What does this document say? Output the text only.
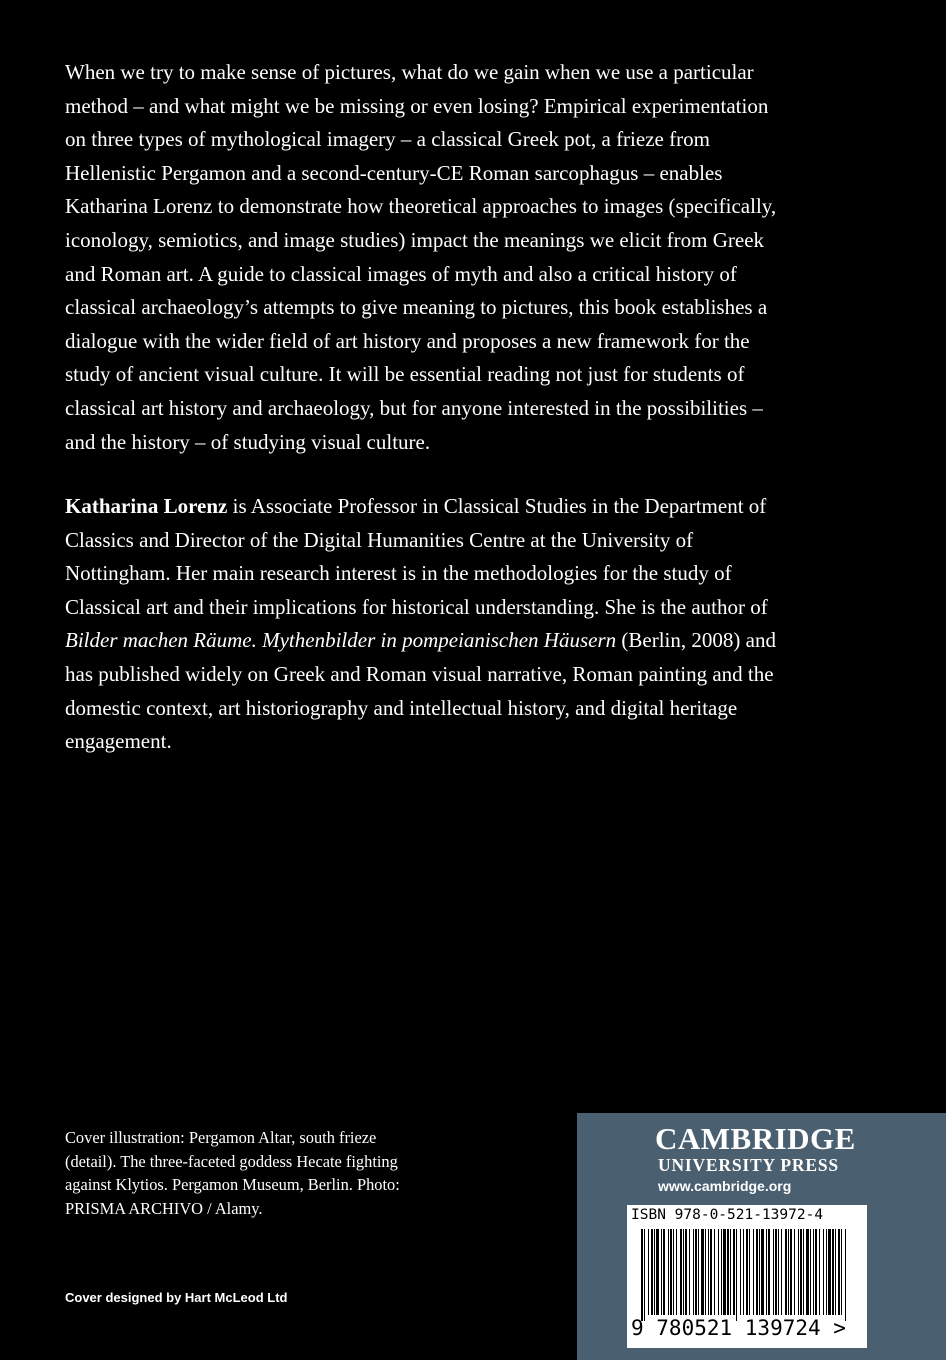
When we try to make sense of pictures, what do we gain when we use a particular method – and what might we be missing or even losing? Empirical experimentation on three types of mythological imagery – a classical Greek pot, a frieze from Hellenistic Pergamon and a second-century-CE Roman sarcophagus – enables Katharina Lorenz to demonstrate how theoretical approaches to images (specifically, iconology, semiotics, and image studies) impact the meanings we elicit from Greek and Roman art. A guide to classical images of myth and also a critical history of classical archaeology’s attempts to give meaning to pictures, this book establishes a dialogue with the wider field of art history and proposes a new framework for the study of ancient visual culture. It will be essential reading not just for students of classical art history and archaeology, but for anyone interested in the possibilities – and the history – of studying visual culture.

Katharina Lorenz is Associate Professor in Classical Studies in the Department of Classics and Director of the Digital Humanities Centre at the University of Nottingham. Her main research interest is in the methodologies for the study of Classical art and their implications for historical understanding. She is the author of Bilder machen Räume. Mythenbilder in pompeianischen Häusern (Berlin, 2008) and has published widely on Greek and Roman visual narrative, Roman painting and the domestic context, art historiography and intellectual history, and digital heritage engagement.

Cover illustration: Pergamon Altar, south frieze (detail). The three-faceted goddess Hecate fighting against Klytios. Pergamon Museum, Berlin. Photo: PRISMA ARCHIVO / Alamy.
Cover designed by Hart McLeod Ltd
CAMBRIDGE
UNIVERSITY PRESS
www.cambridge.org
ISBN 978-0-521-13972-4
9 780521 139724 >
